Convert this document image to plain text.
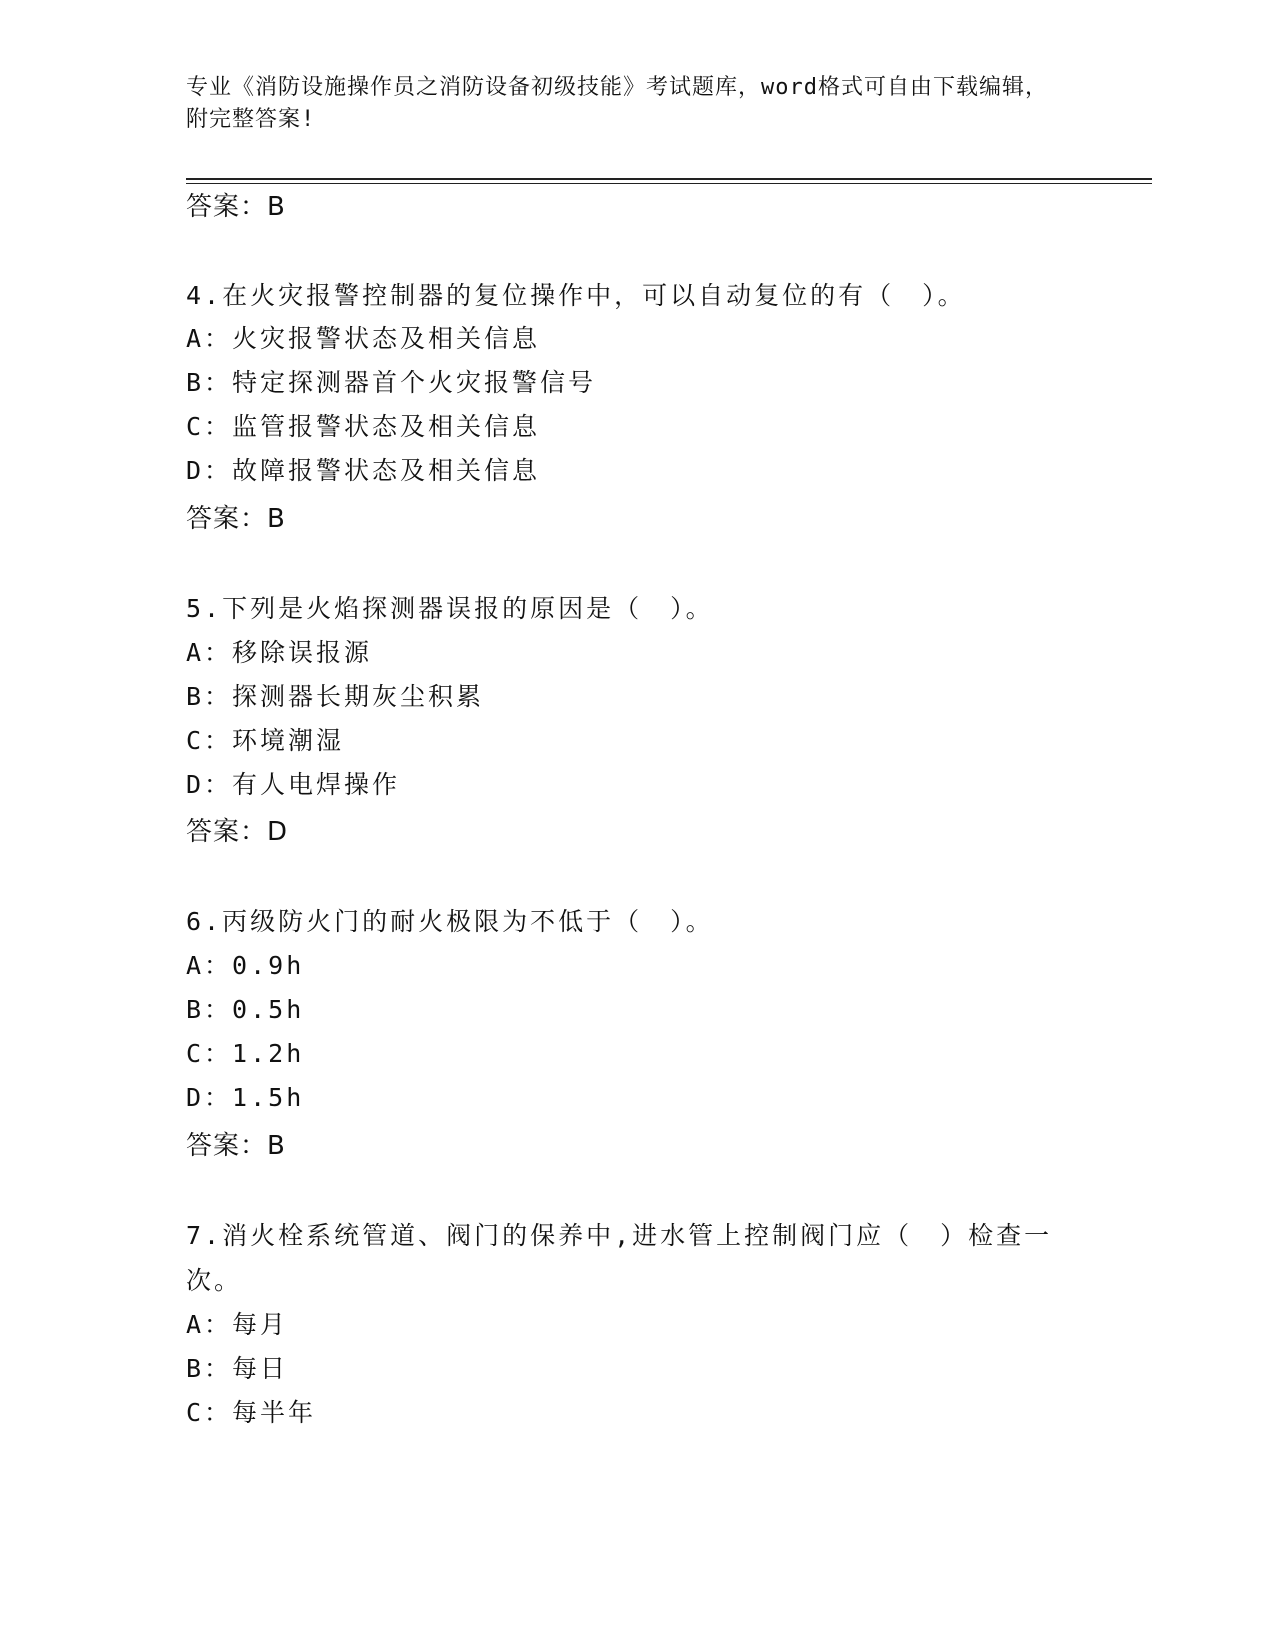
专业《消防设施操作员之消防设备初级技能》考试题库，word格式可自由下载编辑，附完整答案!
答案：B
4.在火灾报警控制器的复位操作中，可以自动复位的有（　）。
A：火灾报警状态及相关信息
B：特定探测器首个火灾报警信号
C：监管报警状态及相关信息
D：故障报警状态及相关信息
答案：B
5.下列是火焰探测器误报的原因是（　）。
A：移除误报源
B：探测器长期灰尘积累
C：环境潮湿
D：有人电焊操作
答案：D
6.丙级防火门的耐火极限为不低于（　）。
A：0.9h
B：0.5h
C：1.2h
D：1.5h
答案：B
7.消火栓系统管道、阀门的保养中,进水管上控制阀门应（　）检查一次。
A：每月
B：每日
C：每半年
